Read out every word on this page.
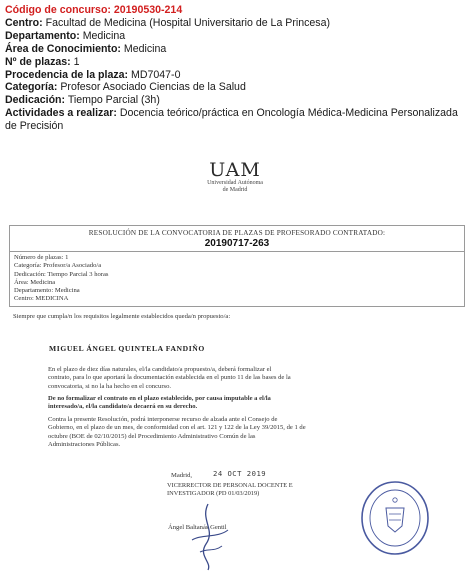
Código de concurso: 20190530-214
Centro: Facultad de Medicina (Hospital Universitario de La Princesa)
Departamento: Medicina
Área de Conocimiento: Medicina
Nº de plazas: 1
Procedencia de la plaza: MD7047-0
Categoría: Profesor Asociado Ciencias de la Salud
Dedicación: Tiempo Parcial (3h)
Actividades a realizar: Docencia teórico/práctica en Oncología Médica-Medicina Personalizada de Precisión
UAM
Universidad Autónoma
de Madrid
RESOLUCIÓN DE LA CONVOCATORIA DE PLAZAS DE PROFESORADO CONTRATADO:
20190717-263
Número de plazas: 1
Categoría: Profesor/a Asociado/a
Dedicación: Tiempo Parcial 3 horas
Área: Medicina
Departamento: Medicina
Centro: MEDICINA
Siempre que cumpla/n los requisitos legalmente establecidos queda/n propuesto/a:
MIGUEL ÁNGEL QUINTELA FANDIÑO
En el plazo de diez días naturales, el/la candidato/a propuesto/a, deberá formalizar el
contrato, para lo que aportará la documentación establecida en el punto 11 de las bases de la
convocatoria, si no la ha hecho en el concurso.
De no formalizar el contrato en el plazo establecido, por causa imputable a el/la
interesado/a, el/la candidato/a decaerá en su derecho.
Contra la presente Resolución, podrá interponerse recurso de alzada ante el Consejo de
Gobierno, en el plazo de un mes, de conformidad con el art. 121 y 122 de la Ley 39/2015, de 1 de
octubre (BOE de 02/10/2015) del Procedimiento Administrativo Común de las
Administraciones Públicas.
Madrid,	24 OCT 2019
VICERRECTOR DE PERSONAL DOCENTE E
INVESTIGADOR (PD 01/03/2019)
Ángel Baltanás Gentil
